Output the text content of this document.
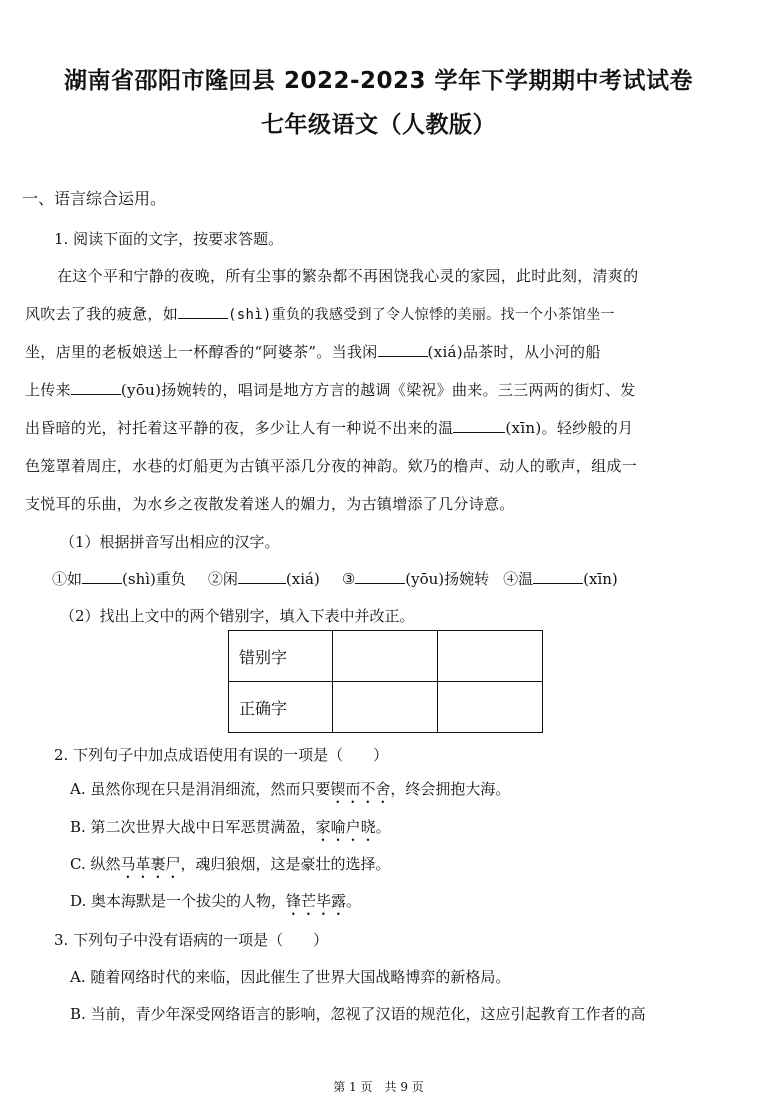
湖南省邵阳市隆回县 2022-2023 学年下学期期中考试试卷
七年级语文（人教版）
一、语言综合运用。
1. 阅读下面的文字，按要求答题。
在这个平和宁静的夜晚，所有尘事的繁杂都不再困饶我心灵的家园，此时此刻，清爽的
风吹去了我的疲惫，如	(shì)重负的我感受到了令人惊悸的美丽。找一个小茶馆坐一
坐，店里的老板娘送上一杯醇香的“阿婆茶”。当我闲	(xiá)品茶时，从小河的船
上传来	(yōu)扬婉转的，唱词是地方方言的越调《梁祝》曲来。三三两两的街灯、发
出昏暗的光，衬托着这平静的夜，多少让人有一种说不出来的温	(xīn)。轻纱般的月
色笼罩着周庄，水巷的灯船更为古镇平添几分夜的神韵。欸乃的橹声、动人的歌声，组成一
支悦耳的乐曲，为水乡之夜散发着迷人的媚力，为古镇增添了几分诗意。
（1）根据拼音写出相应的汉字。
①如	(shì)重负 ②闲	(xiá) ③	(yōu)扬婉转 ④温	(xīn)
（2）找出上文中的两个错别字，填入下表中并改正。
错别字		
正确字		
2. 下列句子中加点成语使用有误的一项是（　　）
A. 虽然你现在只是涓涓细流，然而只要锲而不舍，终会拥抱大海。
B. 第二次世界大战中日军恶贯满盈，家喻户晓。
C. 纵然马革裹尸，魂归狼烟，这是豪壮的选择。
D. 奥本海默是一个拔尖的人物，锋芒毕露。
3. 下列句子中没有语病的一项是（　　）
A. 随着网络时代的来临，因此催生了世界大国战略博弈的新格局。
B. 当前，青少年深受网络语言的影响，忽视了汉语的规范化，这应引起教育工作者的高
第 1 页　共 9 页
